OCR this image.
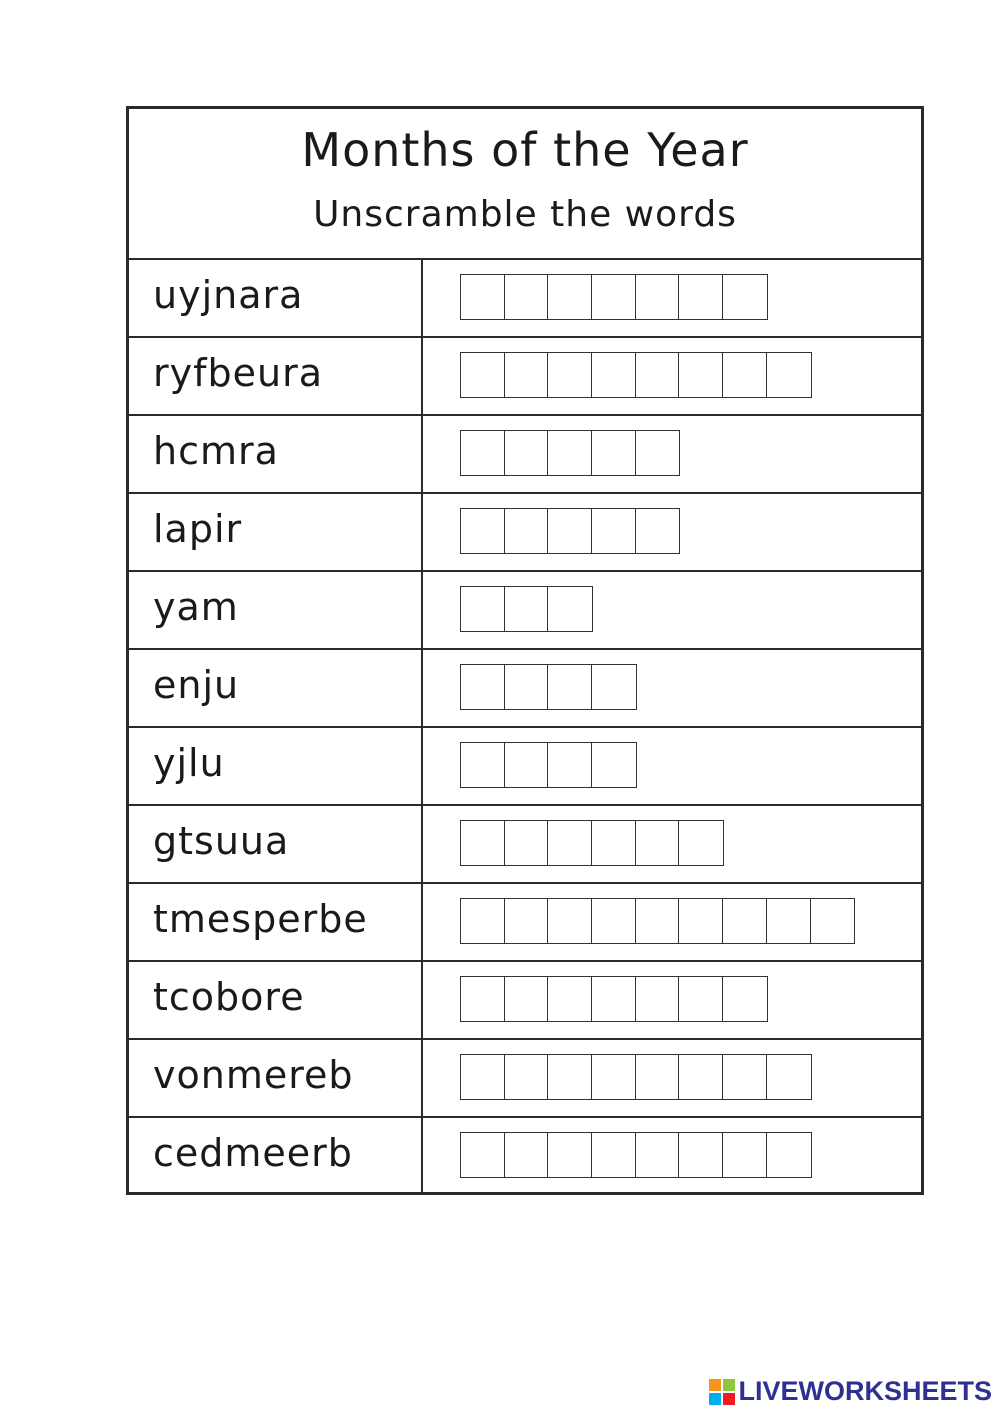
Months of the Year
Unscramble the words
uyjnara
ryfbeura
hcmra
lapir
yam
enju
yjlu
gtsuua
tmesperbe
tcobore
vonmereb
cedmeerb
LIVEWORKSHEETS
